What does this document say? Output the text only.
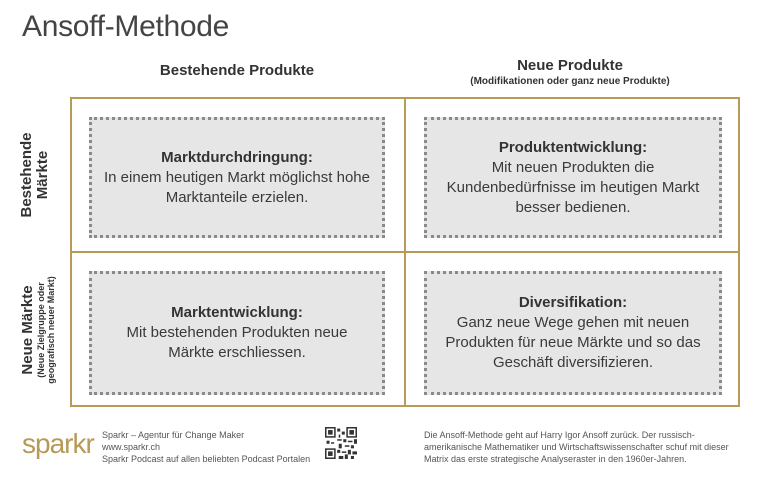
Ansoff-Methode
Bestehende Produkte	Neue Produkte
(Modifikationen oder ganz neue Produkte)
Bestehende Märkte
Neue Märkte (Neue Zielgruppe oder geografisch neuer Markt)
Marktdurchdringung:
In einem heutigen Markt möglichst hohe
Marktanteile erzielen.
Produktentwicklung:
Mit neuen Produkten die
Kundenbedürfnisse im heutigen Markt
besser bedienen.
Marktentwicklung:
Mit bestehenden Produkten neue
Märkte erschliessen.
Diversifikation:
Ganz neue Wege gehen mit neuen
Produkten für neue Märkte und so das
Geschäft diversifizieren.
sparkr Sparkr – Agentur für Change Maker
www.sparkr.ch
Sparkr Podcast auf allen beliebten Podcast Portalen
Die Ansoff-Methode geht auf Harry Igor Ansoff zurück. Der russisch-
amerikanische Mathematiker und Wirtschaftswissenschafter schuf mit dieser
Matrix das erste strategische Analyseraster in den 1960er-Jahren.
